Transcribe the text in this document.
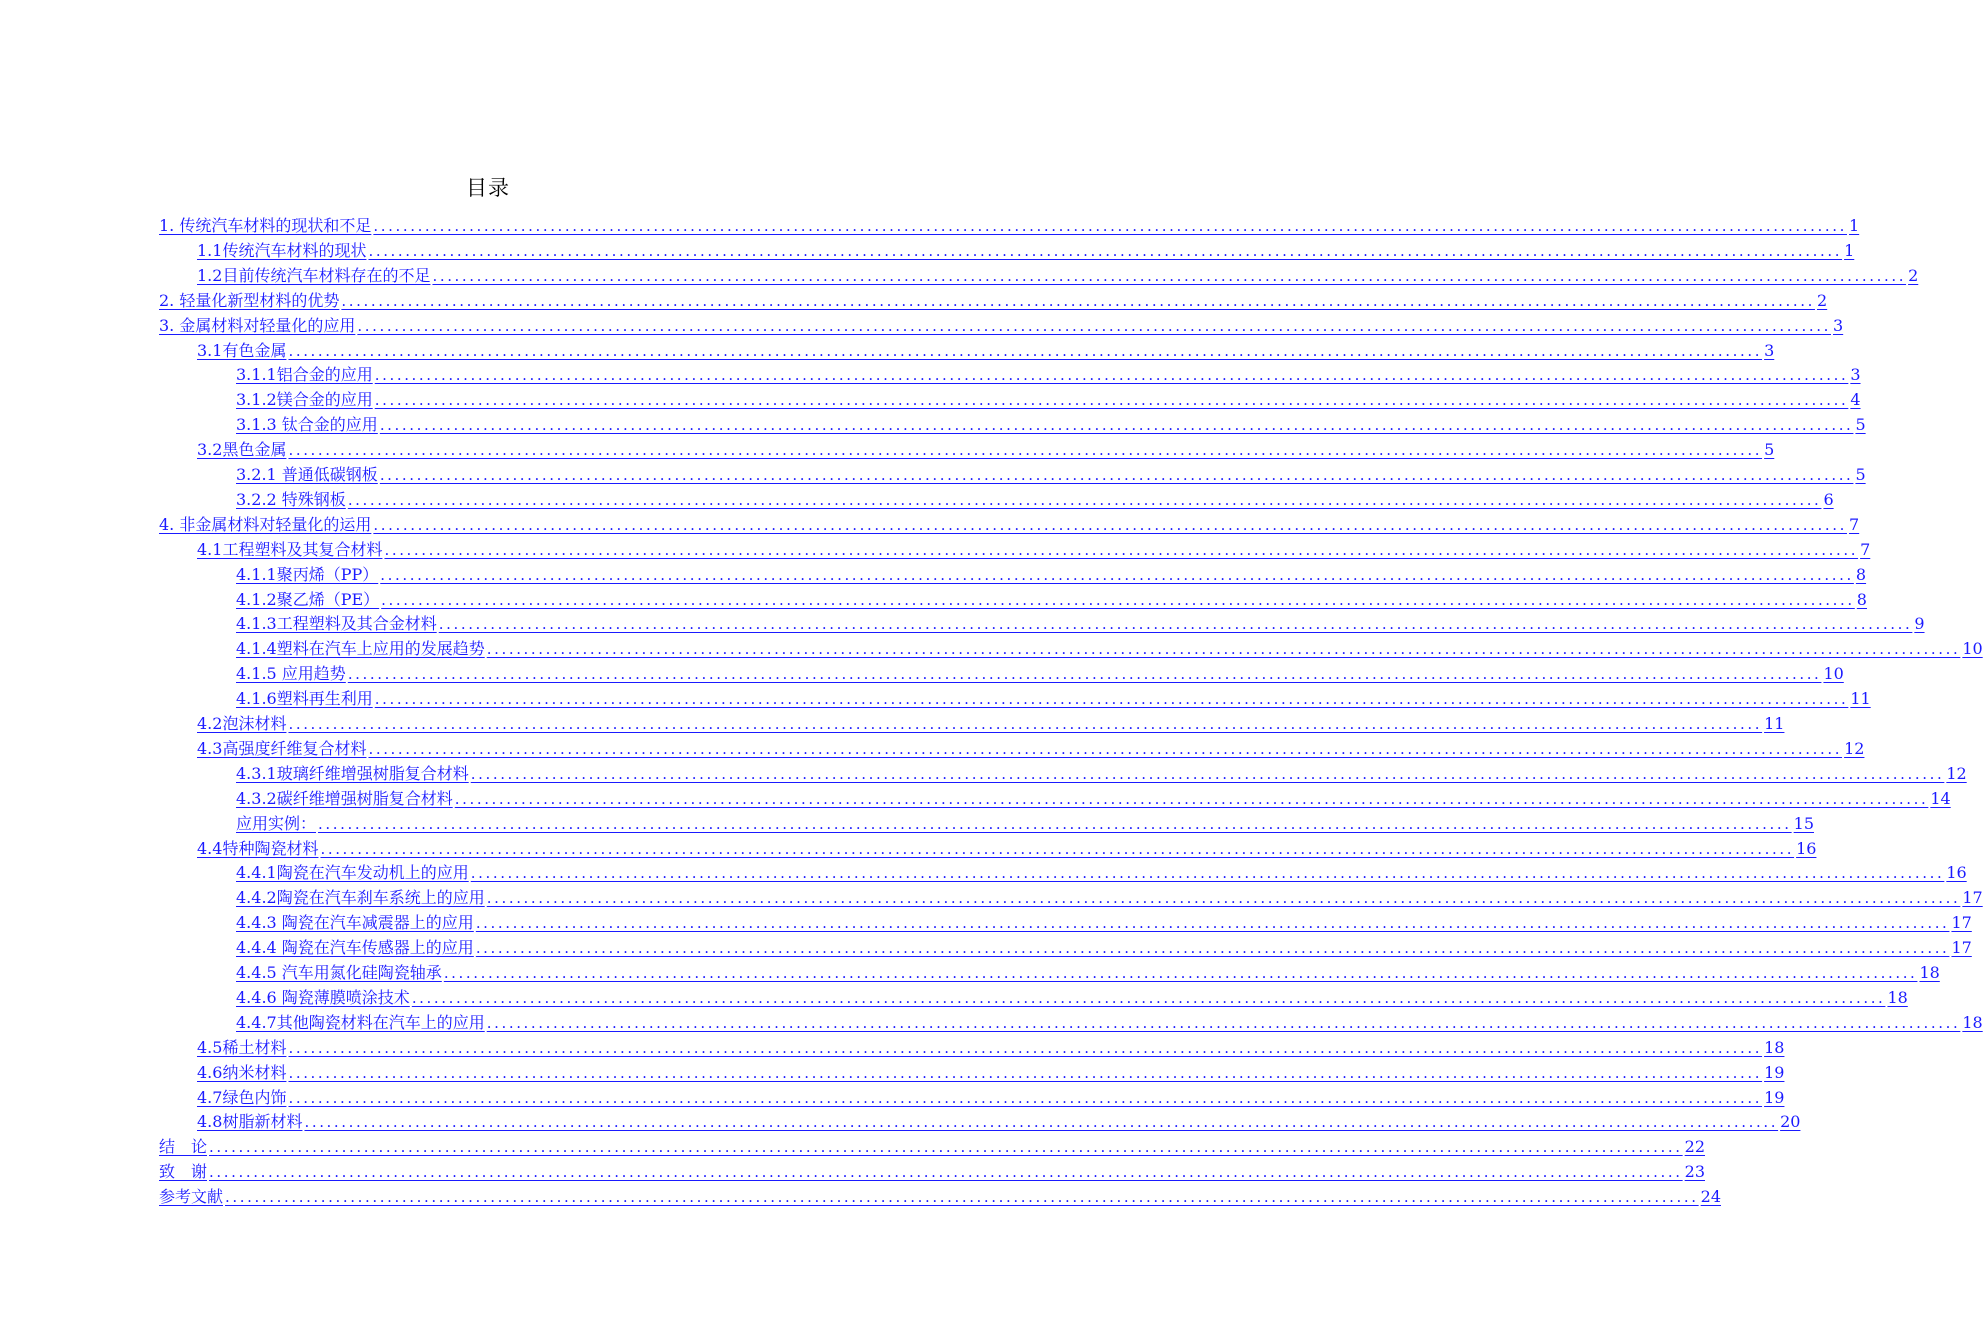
目录
1. 传统汽车材料的现状和不足 ........................................................................................................................................................................................................ 1
1.1传统汽车材料的现状 ........................................................................................................................................................................................................ 1
1.2目前传统汽车材料存在的不足 ........................................................................................................................................................................................................ 2
2. 轻量化新型材料的优势 ........................................................................................................................................................................................................ 2
3. 金属材料对轻量化的应用 ........................................................................................................................................................................................................ 3
3.1有色金属 ........................................................................................................................................................................................................ 3
3.1.1铝合金的应用 ........................................................................................................................................................................................................ 3
3.1.2镁合金的应用 ........................................................................................................................................................................................................ 4
3.1.3 钛合金的应用 ........................................................................................................................................................................................................ 5
3.2黑色金属 ........................................................................................................................................................................................................ 5
3.2.1 普通低碳钢板 ........................................................................................................................................................................................................ 5
3.2.2 特殊钢板 ........................................................................................................................................................................................................ 6
4. 非金属材料对轻量化的运用 ........................................................................................................................................................................................................ 7
4.1工程塑料及其复合材料 ........................................................................................................................................................................................................ 7
4.1.1聚丙烯（PP） ........................................................................................................................................................................................................ 8
4.1.2聚乙烯（PE） ........................................................................................................................................................................................................ 8
4.1.3工程塑料及其合金材料 ........................................................................................................................................................................................................ 9
4.1.4塑料在汽车上应用的发展趋势 ........................................................................................................................................................................................................ 10
4.1.5 应用趋势 ........................................................................................................................................................................................................ 10
4.1.6塑料再生利用 ........................................................................................................................................................................................................ 11
4.2泡沫材料 ........................................................................................................................................................................................................ 11
4.3高强度纤维复合材料 ........................................................................................................................................................................................................ 12
4.3.1玻璃纤维增强树脂复合材料 ........................................................................................................................................................................................................ 12
4.3.2碳纤维增强树脂复合材料 ........................................................................................................................................................................................................ 14
应用实例： ........................................................................................................................................................................................................ 15
4.4特种陶瓷材料 ........................................................................................................................................................................................................ 16
4.4.1陶瓷在汽车发动机上的应用 ........................................................................................................................................................................................................ 16
4.4.2陶瓷在汽车刹车系统上的应用 ........................................................................................................................................................................................................ 17
4.4.3 陶瓷在汽车减震器上的应用 ........................................................................................................................................................................................................ 17
4.4.4 陶瓷在汽车传感器上的应用 ........................................................................................................................................................................................................ 17
4.4.5 汽车用氮化硅陶瓷轴承 ........................................................................................................................................................................................................ 18
4.4.6 陶瓷薄膜喷涂技术 ........................................................................................................................................................................................................ 18
4.4.7其他陶瓷材料在汽车上的应用 ........................................................................................................................................................................................................ 18
4.5稀土材料 ........................................................................................................................................................................................................ 18
4.6纳米材料 ........................................................................................................................................................................................................ 19
4.7绿色内饰 ........................................................................................................................................................................................................ 19
4.8树脂新材料 ........................................................................................................................................................................................................ 20
结　论 ........................................................................................................................................................................................................ 22
致　谢 ........................................................................................................................................................................................................ 23
参考文献 ........................................................................................................................................................................................................ 24
